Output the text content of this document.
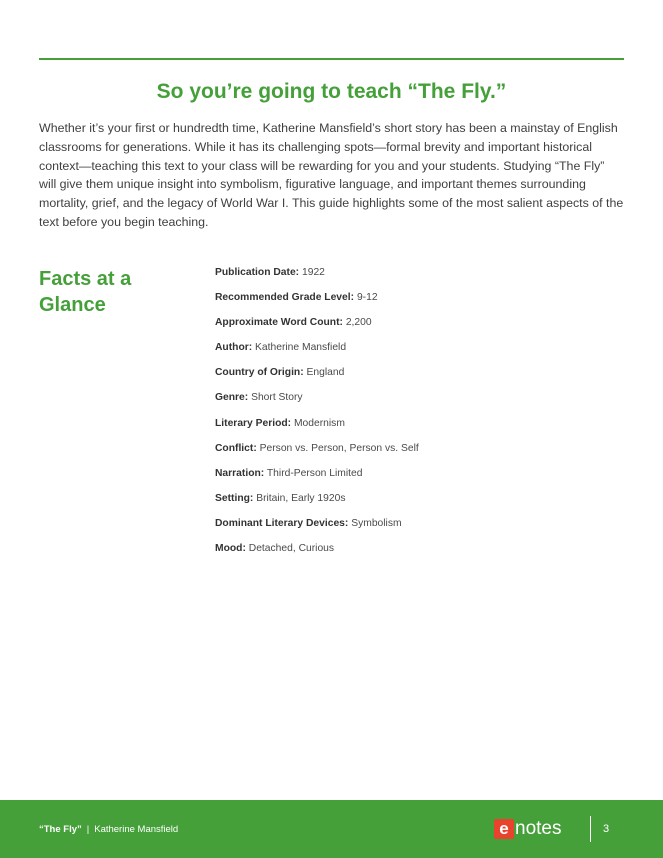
So you’re going to teach “The Fly.”

Whether it’s your first or hundredth time, Katherine Mansfield’s short story has been a mainstay of English classrooms for generations. While it has its challenging spots—formal brevity and important historical context—teaching this text to your class will be rewarding for you and your students. Studying “The Fly” will give them unique insight into symbolism, figurative language, and important themes surrounding mortality, grief, and the legacy of World War I. This guide highlights some of the most salient aspects of the text before you begin teaching.

Facts at a Glance
Publication Date: 1922
Recommended Grade Level: 9-12
Approximate Word Count: 2,200
Author: Katherine Mansfield
Country of Origin: England
Genre: Short Story
Literary Period: Modernism
Conflict: Person vs. Person, Person vs. Self
Narration: Third-Person Limited
Setting: Britain, Early 1920s
Dominant Literary Devices: Symbolism
Mood: Detached, Curious
“The Fly” | Katherine Mansfield	e notes	3
